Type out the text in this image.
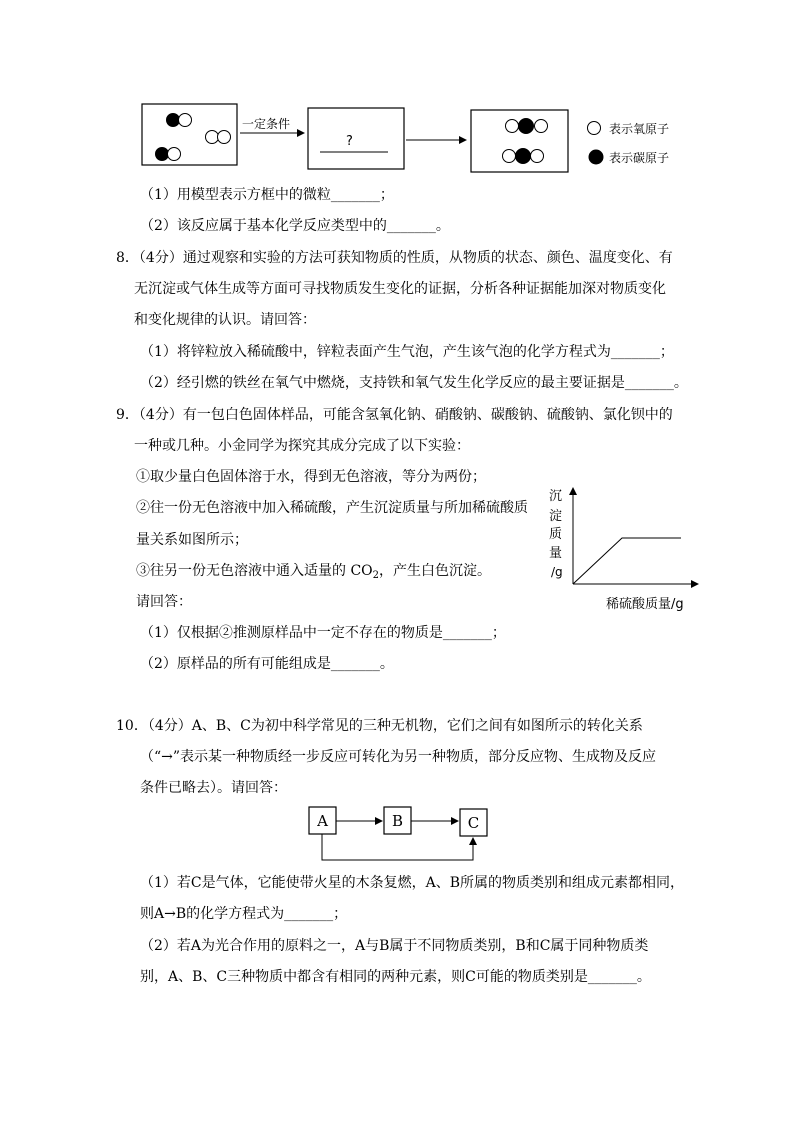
一定条件
?
表示氧原子
表示碳原子
（1）用模型表示方框中的微粒_______；
（2）该反应属于基本化学反应类型中的_______。
8．（4分）通过观察和实验的方法可获知物质的性质，从物质的状态、颜色、温度变化、有
无沉淀或气体生成等方面可寻找物质发生变化的证据，分析各种证据能加深对物质变化
和变化规律的认识。请回答：
（1）将锌粒放入稀硫酸中，锌粒表面产生气泡，产生该气泡的化学方程式为_______；
（2）经引燃的铁丝在氧气中燃烧，支持铁和氧气发生化学反应的最主要证据是_______。
9．（4分）有一包白色固体样品，可能含氢氧化钠、硝酸钠、碳酸钠、硫酸钠、氯化钡中的
一种或几种。小金同学为探究其成分完成了以下实验：
①取少量白色固体溶于水，得到无色溶液，等分为两份；
②往一份无色溶液中加入稀硫酸，产生沉淀质量与所加稀硫酸质
量关系如图所示；
③往另一份无色溶液中通入适量的 $CO_2$，产生白色沉淀。
请回答：
（1）仅根据②推测原样品中一定不存在的物质是_______；
（2）原样品的所有可能组成是_______。
沉
淀
质
量
/g
稀硫酸质量/g
10．（4分）A、B、C为初中科学常见的三种无机物，它们之间有如图所示的转化关系
（“→”表示某一种物质经一步反应可转化为另一种物质，部分反应物、生成物及反应
条件已略去）。请回答：
A	B	C
（1）若C是气体，它能使带火星的木条复燃，A、B所属的物质类别和组成元素都相同，
则A→B的化学方程式为_______；
（2）若A为光合作用的原料之一，A与B属于不同物质类别，B和C属于同种物质类
别，A、B、C三种物质中都含有相同的两种元素，则C可能的物质类别是_______。
